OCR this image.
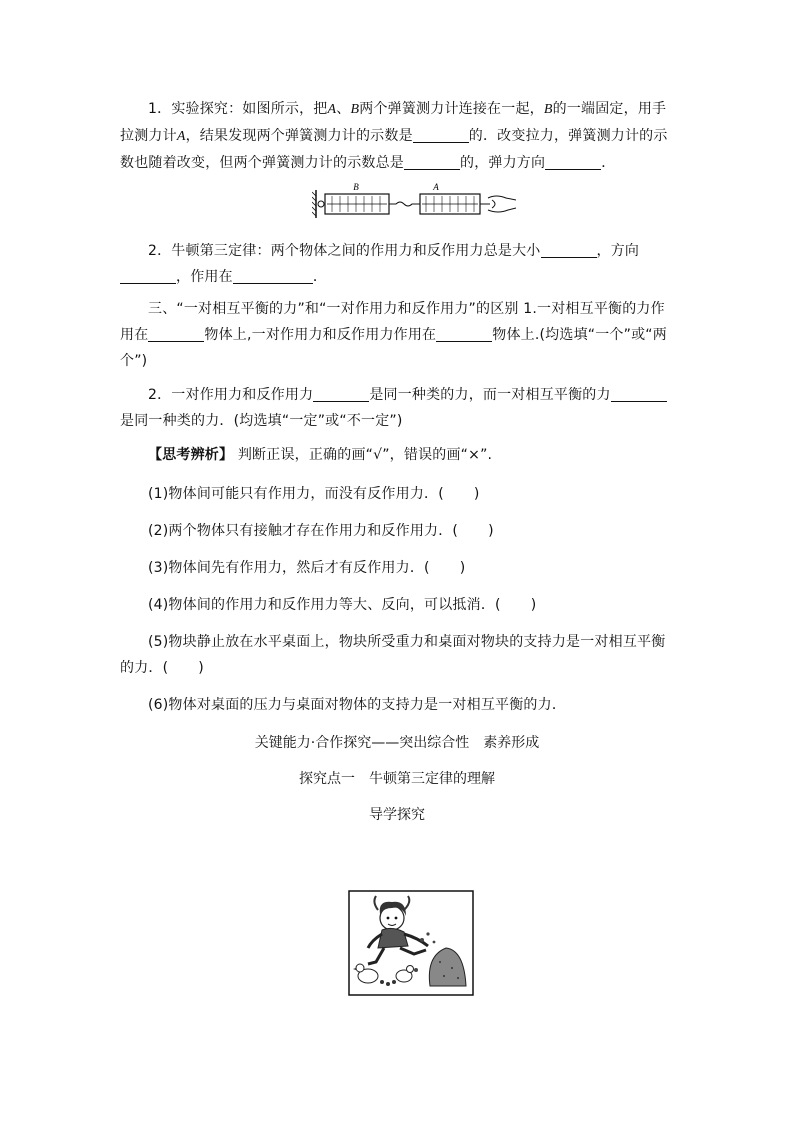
1．实验探究：如图所示，把A、B两个弹簧测力计连接在一起，B的一端固定，用手拉测力计A，结果发现两个弹簧测力计的示数是	的．改变拉力，弹簧测力计的示数也随着改变，但两个弹簧测力计的示数总是	的，弹力方向	．

B	A

2．牛顿第三定律：两个物体之间的作用力和反作用力总是大小	，方向，作用在	．

三、“一对相互平衡的力”和“一对作用力和反作用力”的区别 1.一对相互平衡的力作用在	物体上,一对作用力和反作用力作用在	物体上.(均选填“一个”或“两个”)

2．一对作用力和反作用力	是同一种类的力，而一对相互平衡的力是同一种类的力．(均选填“一定”或“不一定”)

【思考辨析】 判断正误，正确的画“√”，错误的画“×”.

(1)物体间可能只有作用力，而没有反作用力．( )

(2)两个物体只有接触才存在作用力和反作用力．( )

(3)物体间先有作用力，然后才有反作用力．( )

(4)物体间的作用力和反作用力等大、反向，可以抵消．( )

(5)物块静止放在水平桌面上，物块所受重力和桌面对物块的支持力是一对相互平衡的力．( )

(6)物体对桌面的压力与桌面对物体的支持力是一对相互平衡的力．

关键能力·合作探究——突出综合性　素养形成

探究点一　牛顿第三定律的理解

导学探究
